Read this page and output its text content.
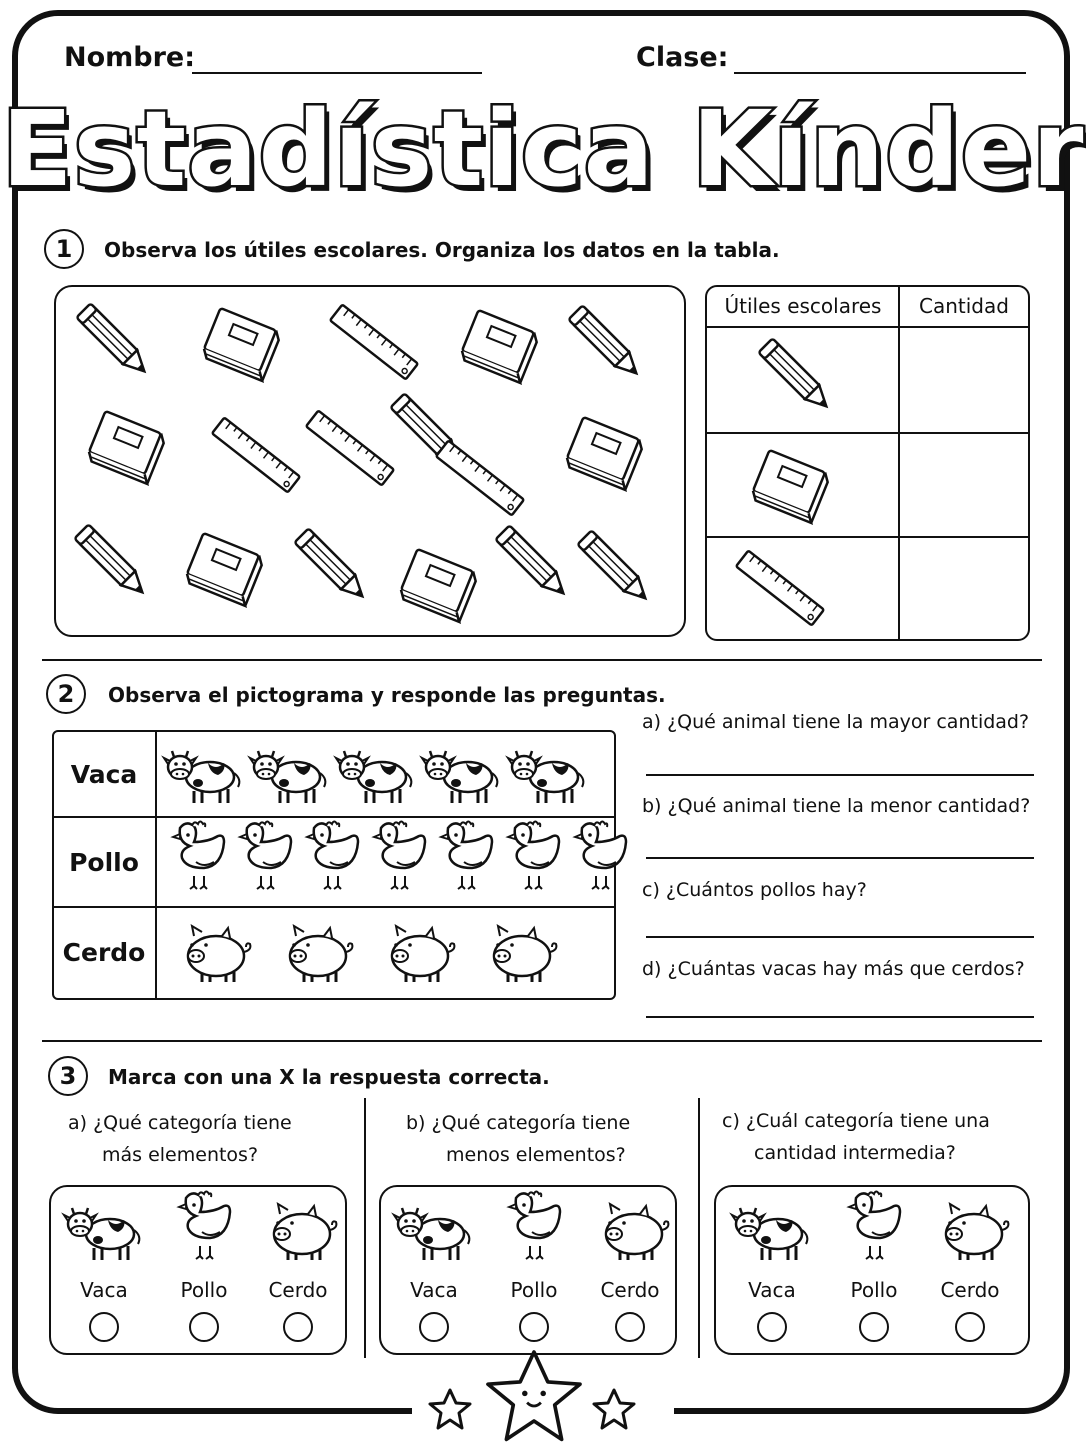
Nombre:	Clase:
Estadística Kínder
1	Observa los útiles escolares. Organiza los datos en la tabla.
Útiles escolares	Cantidad
2	Observa el pictograma y responde las preguntas.
Vaca
Pollo
Cerdo
a) ¿Qué animal tiene la mayor cantidad?
b) ¿Qué animal tiene la menor cantidad?
c) ¿Cuántos pollos hay?
d) ¿Cuántas vacas hay más que cerdos?
3	Marca con una X la respuesta correcta.
a) ¿Qué categoría tiene
más elementos?
b) ¿Qué categoría tiene
menos elementos?
c) ¿Cuál categoría tiene una
cantidad intermedia?
Vaca	Pollo	Cerdo	Vaca	Pollo	Cerdo	Vaca	Pollo	Cerdo
